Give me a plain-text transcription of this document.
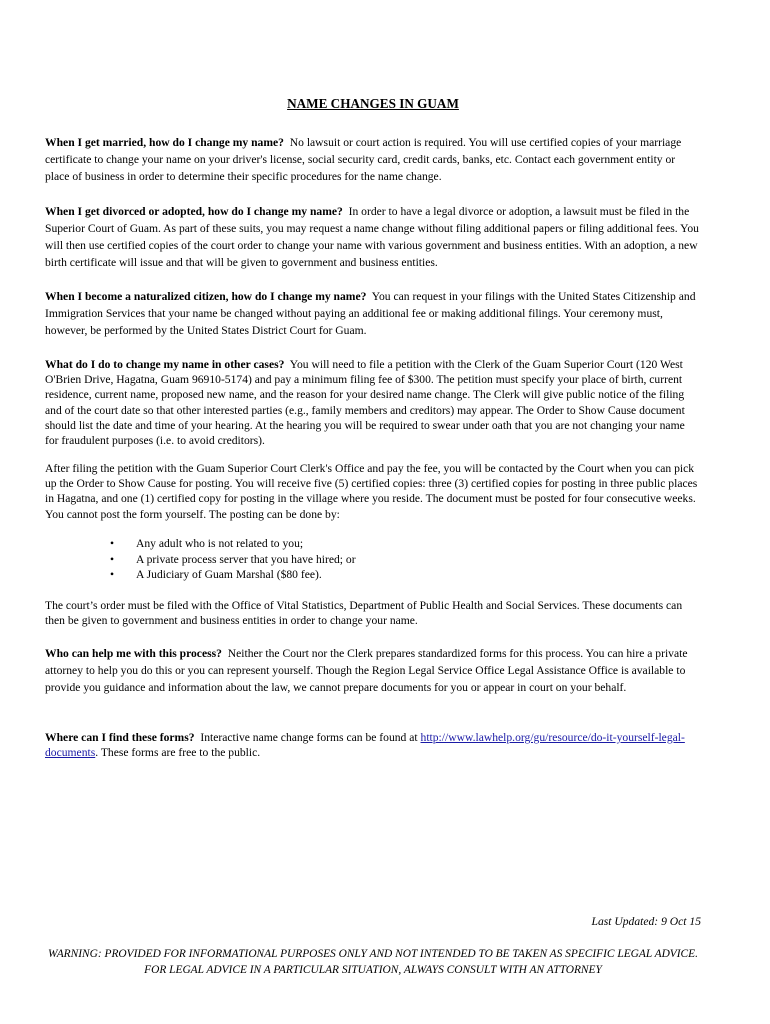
NAME CHANGES IN GUAM

When I get married, how do I change my name? No lawsuit or court action is required. You will use certified copies of your marriage certificate to change your name on your driver's license, social security card, credit cards, banks, etc. Contact each government entity or place of business in order to determine their specific procedures for the name change.

When I get divorced or adopted, how do I change my name? In order to have a legal divorce or adoption, a lawsuit must be filed in the Superior Court of Guam. As part of these suits, you may request a name change without filing additional papers or filing additional fees. You will then use certified copies of the court order to change your name with various government and business entities. With an adoption, a new birth certificate will issue and that will be given to government and business entities.

When I become a naturalized citizen, how do I change my name? You can request in your filings with the United States Citizenship and Immigration Services that your name be changed without paying an additional fee or making additional filings. Your ceremony must, however, be performed by the United States District Court for Guam.

What do I do to change my name in other cases? You will need to file a petition with the Clerk of the Guam Superior Court (120 West O'Brien Drive, Hagatna, Guam 96910-5174) and pay a minimum filing fee of $300. The petition must specify your place of birth, current residence, current name, proposed new name, and the reason for your desired name change. The Clerk will give public notice of the filing and of the court date so that other interested parties (e.g., family members and creditors) may appear. The Order to Show Cause document should list the date and time of your hearing. At the hearing you will be required to swear under oath that you are not changing your name for fraudulent purposes (i.e. to avoid creditors).

After filing the petition with the Guam Superior Court Clerk's Office and pay the fee, you will be contacted by the Court when you can pick up the Order to Show Cause for posting. You will receive five (5) certified copies: three (3) certified copies for posting in three public places in Hagatna, and one (1) certified copy for posting in the village where you reside. The document must be posted for four consecutive weeks. You cannot post the form yourself. The posting can be done by:

• Any adult who is not related to you;
• A private process server that you have hired; or
• A Judiciary of Guam Marshal ($80 fee).

The court’s order must be filed with the Office of Vital Statistics, Department of Public Health and Social Services. These documents can then be given to government and business entities in order to change your name.

Who can help me with this process? Neither the Court nor the Clerk prepares standardized forms for this process. You can hire a private attorney to help you do this or you can represent yourself. Though the Region Legal Service Office Legal Assistance Office is available to provide you guidance and information about the law, we cannot prepare documents for you or appear in court on your behalf.

Where can I find these forms? Interactive name change forms can be found at http://www.lawhelp.org/gu/resource/do-it-yourself-legal-documents. These forms are free to the public.

Last Updated: 9 Oct 15

WARNING: PROVIDED FOR INFORMATIONAL PURPOSES ONLY AND NOT INTENDED TO BE TAKEN AS SPECIFIC LEGAL ADVICE. FOR LEGAL ADVICE IN A PARTICULAR SITUATION, ALWAYS CONSULT WITH AN ATTORNEY
